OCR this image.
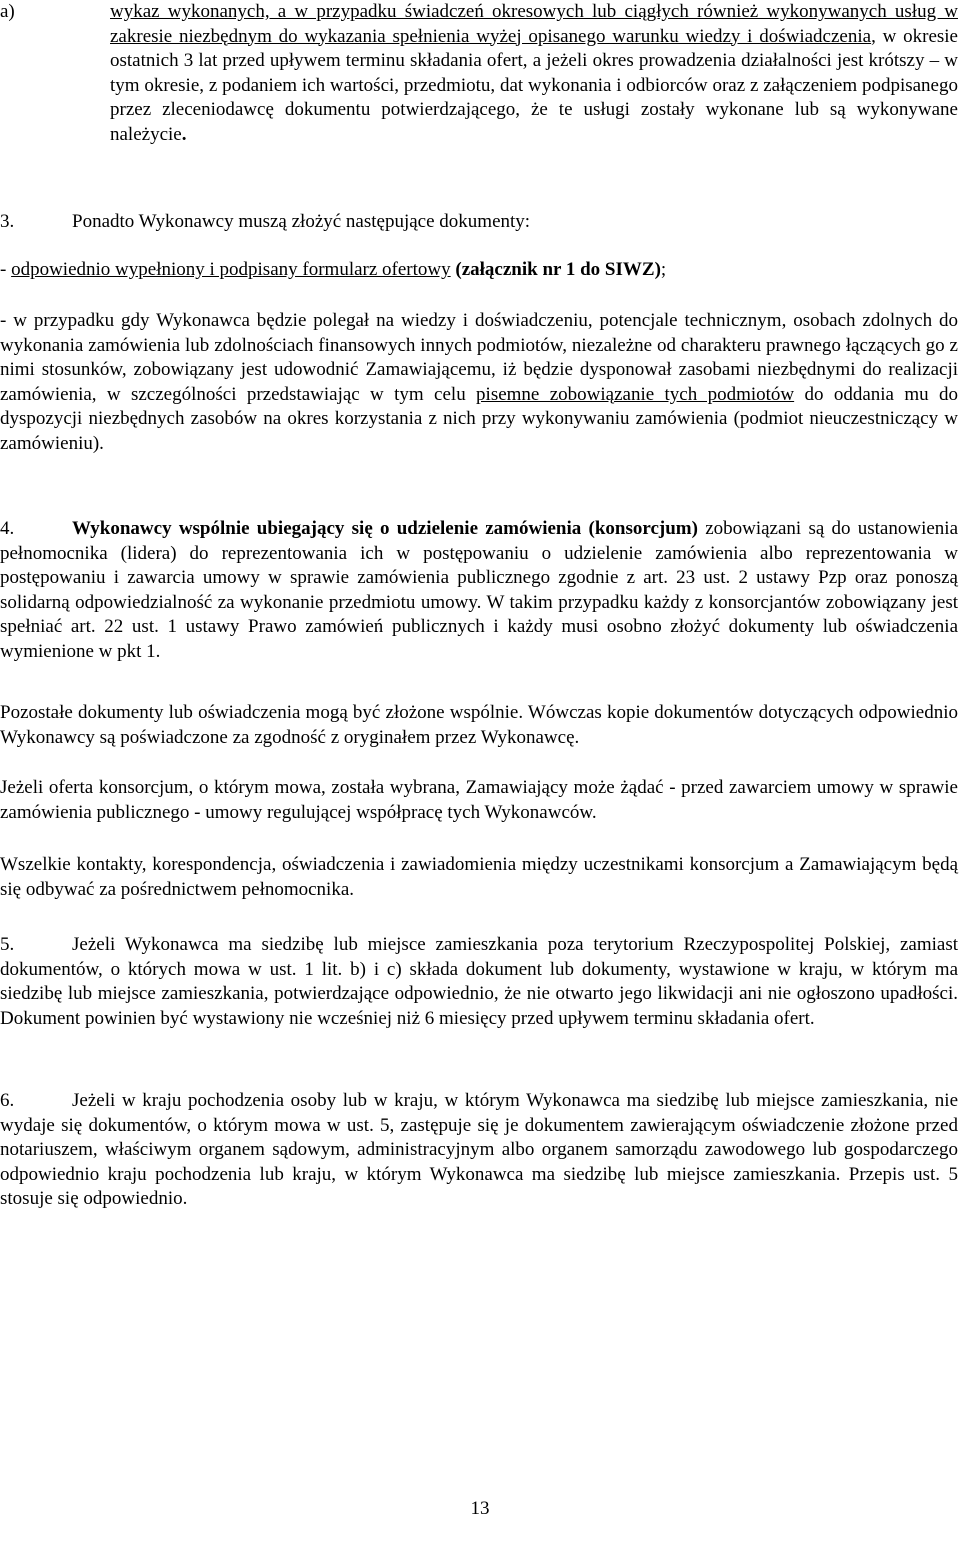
a)	wykaz wykonanych, a w przypadku świadczeń okresowych lub ciągłych również wykonywanych usług w zakresie niezbędnym do wykazania spełnienia wyżej opisanego warunku wiedzy i doświadczenia, w okresie ostatnich 3 lat przed upływem terminu składania ofert, a jeżeli okres prowadzenia działalności jest krótszy – w tym okresie, z podaniem ich wartości, przedmiotu, dat wykonania i odbiorców oraz z załączeniem podpisanego przez zleceniodawcę dokumentu potwierdzającego, że te usługi zostały wykonane lub są wykonywane należycie.

3.	Ponadto Wykonawcy muszą złożyć następujące dokumenty:

- odpowiednio wypełniony i podpisany formularz ofertowy (załącznik nr 1 do SIWZ);

- w przypadku gdy Wykonawca będzie polegał na wiedzy i doświadczeniu, potencjale technicznym, osobach zdolnych do wykonania zamówienia lub zdolnościach finansowych innych podmiotów, niezależne od charakteru prawnego łączących go z nimi stosunków, zobowiązany jest udowodnić Zamawiającemu, iż będzie dysponował zasobami niezbędnymi do realizacji zamówienia, w szczególności przedstawiając w tym celu pisemne zobowiązanie tych podmiotów do oddania mu do dyspozycji niezbędnych zasobów na okres korzystania z nich przy wykonywaniu zamówienia (podmiot nieuczestniczący w zamówieniu).

4.	Wykonawcy wspólnie ubiegający się o udzielenie zamówienia (konsorcjum) zobowiązani są do ustanowienia pełnomocnika (lidera) do reprezentowania ich w postępowaniu o udzielenie zamówienia albo reprezentowania w postępowaniu i zawarcia umowy w sprawie zamówienia publicznego zgodnie z art. 23 ust. 2 ustawy Pzp oraz ponoszą solidarną odpowiedzialność za wykonanie przedmiotu umowy. W takim przypadku każdy z konsorcjantów zobowiązany jest spełniać art. 22 ust. 1 ustawy Prawo zamówień publicznych i każdy musi osobno złożyć dokumenty lub oświadczenia wymienione w pkt 1.

Pozostałe dokumenty lub oświadczenia mogą być złożone wspólnie. Wówczas kopie dokumentów dotyczących odpowiednio Wykonawcy są poświadczone za zgodność z oryginałem przez Wykonawcę.

Jeżeli oferta konsorcjum, o którym mowa, została wybrana, Zamawiający może żądać - przed zawarciem umowy w sprawie zamówienia publicznego - umowy regulującej współpracę tych Wykonawców.

Wszelkie kontakty, korespondencja, oświadczenia i zawiadomienia między uczestnikami konsorcjum a Zamawiającym będą się odbywać za pośrednictwem pełnomocnika.

5.	Jeżeli Wykonawca ma siedzibę lub miejsce zamieszkania poza terytorium Rzeczypospolitej Polskiej, zamiast dokumentów, o których mowa w ust. 1 lit. b) i c) składa dokument lub dokumenty, wystawione w kraju, w którym ma siedzibę lub miejsce zamieszkania, potwierdzające odpowiednio, że nie otwarto jego likwidacji ani nie ogłoszono upadłości. Dokument powinien być wystawiony nie wcześniej niż 6 miesięcy przed upływem terminu składania ofert.

6.	Jeżeli w kraju pochodzenia osoby lub w kraju, w którym Wykonawca ma siedzibę lub miejsce zamieszkania, nie wydaje się dokumentów, o którym mowa w ust. 5, zastępuje się je dokumentem zawierającym oświadczenie złożone przed notariuszem, właściwym organem sądowym, administracyjnym albo organem samorządu zawodowego lub gospodarczego odpowiednio kraju pochodzenia lub kraju, w którym Wykonawca ma siedzibę lub miejsce zamieszkania. Przepis ust. 5 stosuje się odpowiednio.

13
